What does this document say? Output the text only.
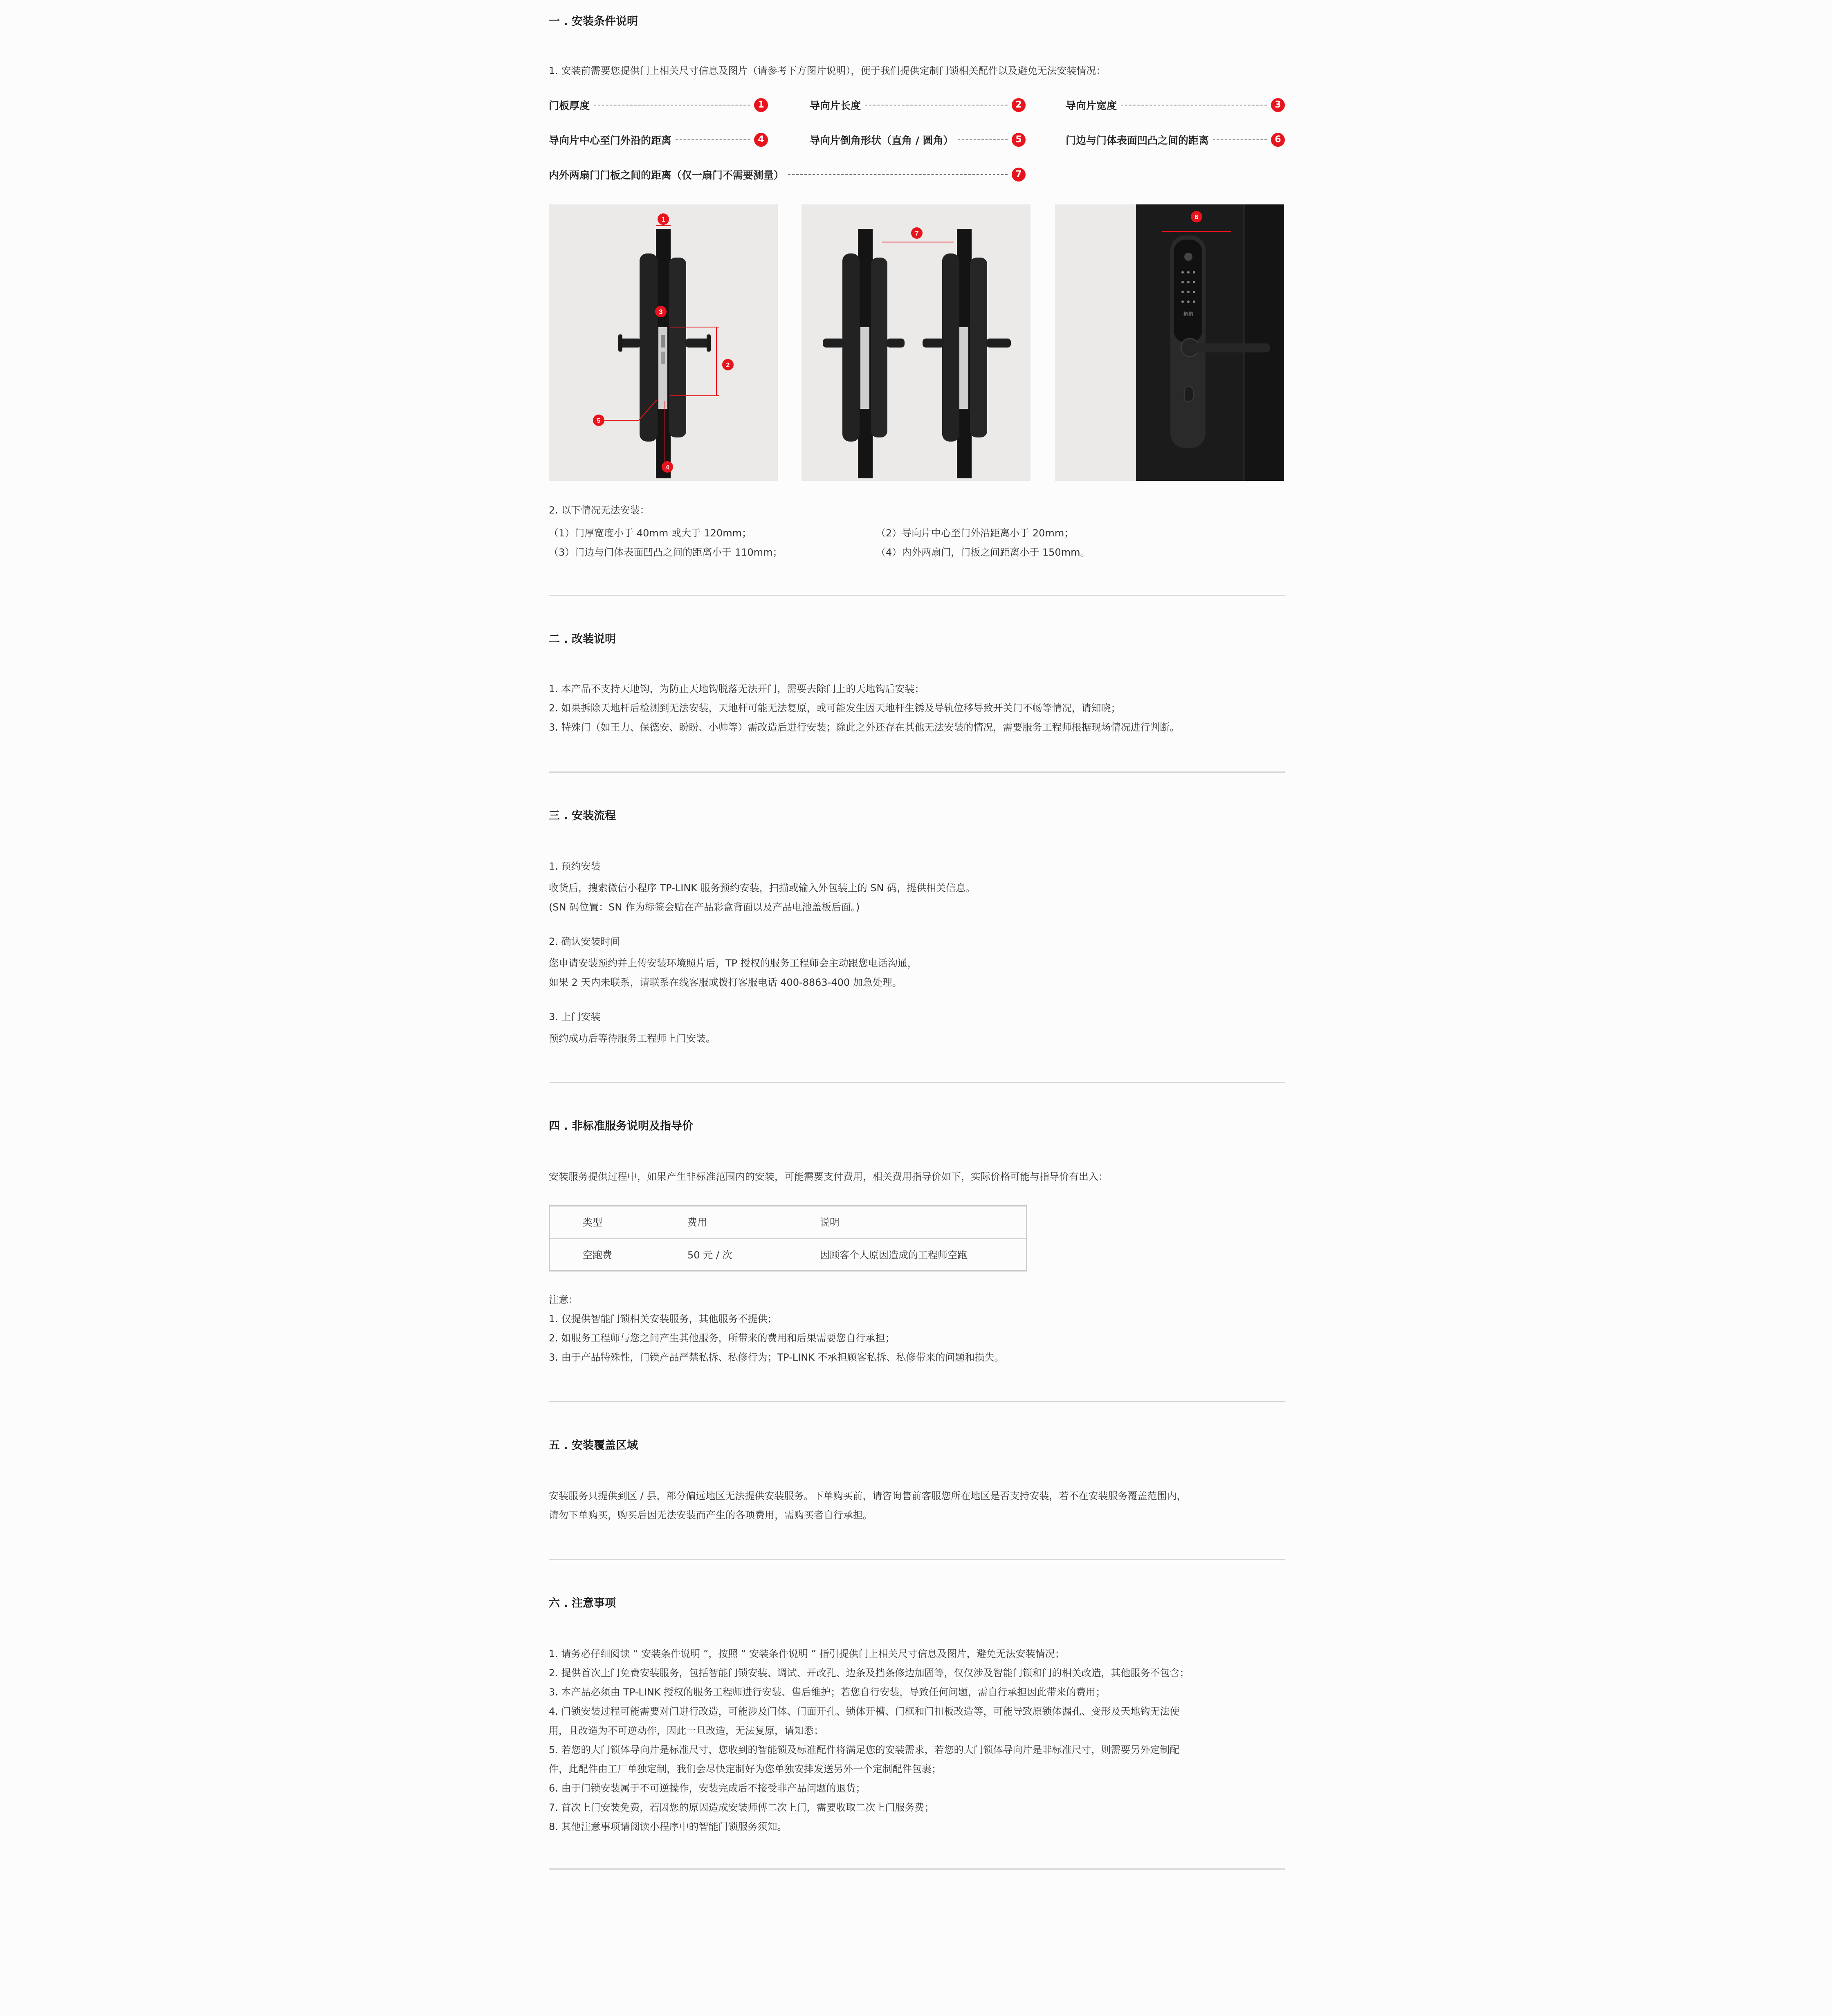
一 . 安装条件说明
1. 安装前需要您提供门上相关尺寸信息及图片（请参考下方图片说明），便于我们提供定制门锁相关配件以及避免无法安装情况：
门板厚度	1	导向片长度	2	导向片宽度	3
导向片中心至门外沿的距离	4	导向片倒角形状（直角 / 圆角）	5	门边与门体表面凹凸之间的距离	6
内外两扇门门板之间的距离（仅一扇门不需要测量）	7
1
3
2
5
4
7
鹅鹅
6
2. 以下情况无法安装：
（1）门厚宽度小于 40mm 或大于 120mm；	（2）导向片中心至门外沿距离小于 20mm；
（3）门边与门体表面凹凸之间的距离小于 110mm；	（4）内外两扇门，门板之间距离小于 150mm。
二 . 改装说明
1. 本产品不支持天地钩，为防止天地钩脱落无法开门，需要去除门上的天地钩后安装；
2. 如果拆除天地杆后检测到无法安装，天地杆可能无法复原，或可能发生因天地杆生锈及导轨位移导致开关门不畅等情况，请知晓；
3. 特殊门（如王力、保德安、盼盼、小帅等）需改造后进行安装；除此之外还存在其他无法安装的情况，需要服务工程师根据现场情况进行判断。
三 . 安装流程
1. 预约安装
收货后，搜索微信小程序 TP-LINK 服务预约安装，扫描或输入外包装上的 SN 码，提供相关信息。
(SN 码位置：SN 作为标签会贴在产品彩盒背面以及产品电池盖板后面。)
2. 确认安装时间
您申请安装预约并上传安装环境照片后，TP 授权的服务工程师会主动跟您电话沟通，
如果 2 天内未联系，请联系在线客服或拨打客服电话 400-8863-400 加急处理。
3. 上门安装
预约成功后等待服务工程师上门安装。
四 . 非标准服务说明及指导价
安装服务提供过程中，如果产生非标准范围内的安装，可能需要支付费用，相关费用指导价如下，实际价格可能与指导价有出入：
类型	费用	说明
空跑费	50 元 / 次	因顾客个人原因造成的工程师空跑
注意：
1. 仅提供智能门锁相关安装服务，其他服务不提供；
2. 如服务工程师与您之间产生其他服务，所带来的费用和后果需要您自行承担；
3. 由于产品特殊性，门锁产品严禁私拆、私修行为；TP-LINK 不承担顾客私拆、私修带来的问题和损失。
五 . 安装覆盖区域
安装服务只提供到区 / 县，部分偏远地区无法提供安装服务。下单购买前，请咨询售前客服您所在地区是否支持安装，若不在安装服务覆盖范围内，
请勿下单购买，购买后因无法安装而产生的各项费用，需购买者自行承担。
六 . 注意事项
1. 请务必仔细阅读 “ 安装条件说明 ”，按照 “ 安装条件说明 ” 指引提供门上相关尺寸信息及图片，避免无法安装情况；
2. 提供首次上门免费安装服务，包括智能门锁安装、调试、开改孔、边条及挡条修边加固等，仅仅涉及智能门锁和门的相关改造，其他服务不包含；
3. 本产品必须由 TP-LINK 授权的服务工程师进行安装、售后维护；若您自行安装，导致任何问题，需自行承担因此带来的费用；
4. 门锁安装过程可能需要对门进行改造，可能涉及门体、门面开孔、锁体开槽、门框和门扣板改造等，可能导致原锁体漏孔、变形及天地钩无法使
用，且改造为不可逆动作，因此一旦改造，无法复原，请知悉；
5. 若您的大门锁体导向片是标准尺寸，您收到的智能锁及标准配件将满足您的安装需求，若您的大门锁体导向片是非标准尺寸，则需要另外定制配
件，此配件由工厂单独定制，我们会尽快定制好为您单独安排发送另外一个定制配件包裹；
6. 由于门锁安装属于不可逆操作，安装完成后不接受非产品问题的退货；
7. 首次上门安装免费，若因您的原因造成安装师傅二次上门，需要收取二次上门服务费；
8. 其他注意事项请阅读小程序中的智能门锁服务须知。
